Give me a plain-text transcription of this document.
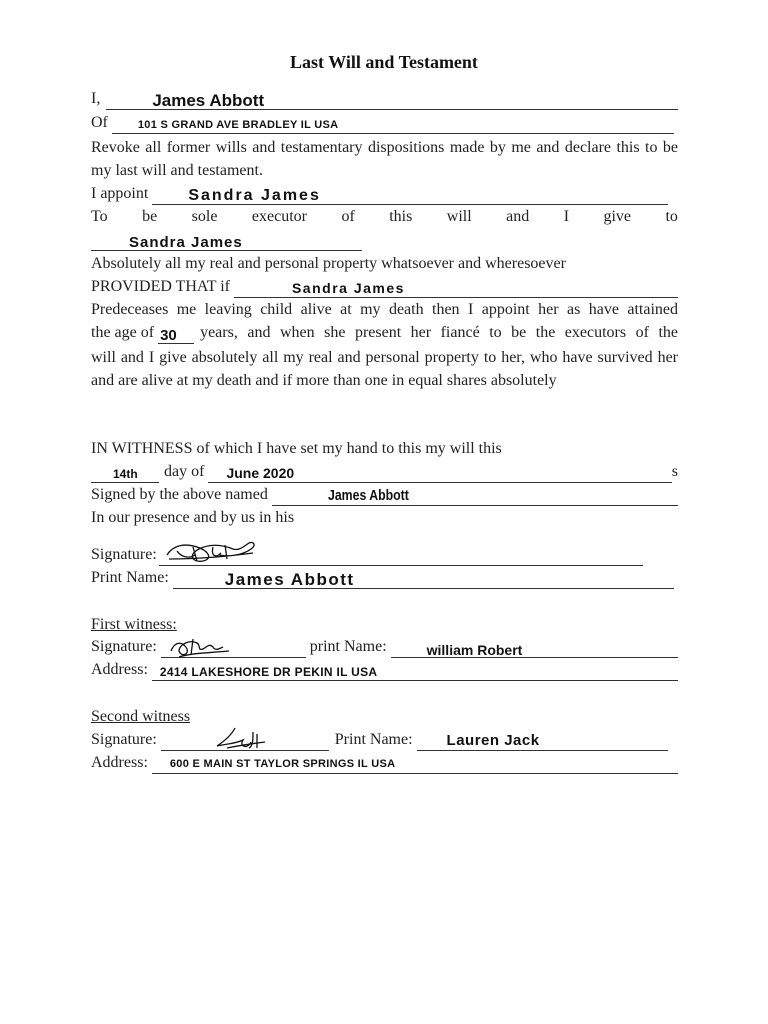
Last Will and Testament
I,	James Abbott
Of	101 S GRAND AVE BRADLEY IL USA
Revoke all former wills and testamentary dispositions made by me and declare this to be my last will and testament.
I appoint	Sandra James
To be sole executor of this will and I give to
Sandra James
Absolutely all my real and personal property whatsoever and wheresoever
PROVIDED THAT if	Sandra James
Predeceases me leaving child alive at my death then I appoint her as have attained
the age of 30 years, and when she present her fiancé to be the executors of the
will and I give absolutely all my real and personal property to her, who have survived her and are alive at my death and if more than one in equal shares absolutely
IN WITHNESS of which I have set my hand to this my will this
14th day of June 2020	s
Signed by the above named	James Abbott
In our presence and by us in his
Signature:
Print Name:	James Abbott
First witness:
Signature:	print Name:	william Robert
Address: 2414 LAKESHORE DR PEKIN IL USA
Second witness
Signature:	Print Name: Lauren Jack
Address: 600 E MAIN ST TAYLOR SPRINGS IL USA
